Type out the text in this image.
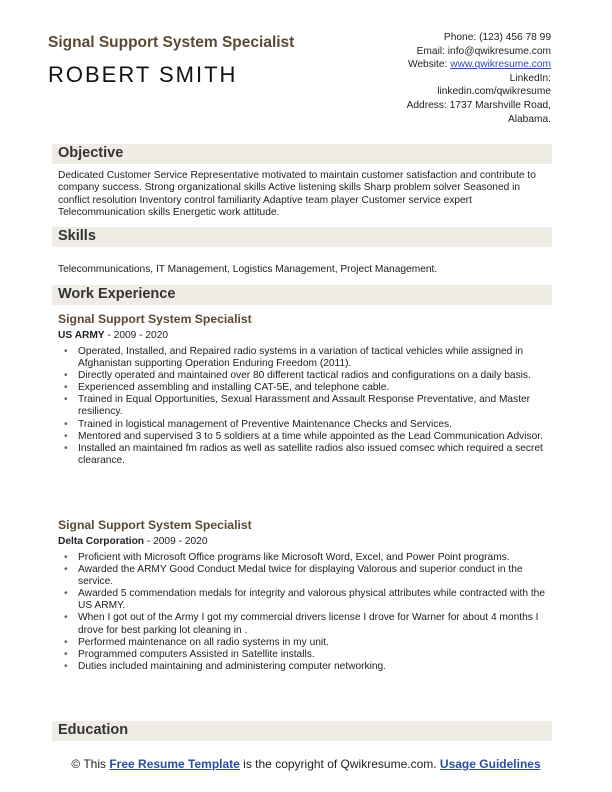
Signal Support System Specialist
ROBERT SMITH
Phone: (123) 456 78 99
Email: info@qwikresume.com
Website: www.qwikresume.com
LinkedIn:
linkedin.com/qwikresume
Address: 1737 Marshville Road,
Alabama.
Objective
Dedicated Customer Service Representative motivated to maintain customer satisfaction and contribute to company success. Strong organizational skills Active listening skills Sharp problem solver Seasoned in conflict resolution Inventory control familiarity Adaptive team player Customer service expert Telecommunication skills Energetic work attitude.
Skills
Telecommunications, IT Management, Logistics Management, Project Management.
Work Experience
Signal Support System Specialist
US ARMY - 2009 - 2020
• Operated, Installed, and Repaired radio systems in a variation of tactical vehicles while assigned in Afghanistan supporting Operation Enduring Freedom (2011).
• Directly operated and maintained over 80 different tactical radios and configurations on a daily basis.
• Experienced assembling and installing CAT-5E, and telephone cable.
• Trained in Equal Opportunities, Sexual Harassment and Assault Response Preventative, and Master resiliency.
• Trained in logistical management of Preventive Maintenance Checks and Services.
• Mentored and supervised 3 to 5 soldiers at a time while appointed as the Lead Communication Advisor.
• Installed an maintained fm radios as well as satellite radios also issued comsec which required a secret clearance.
Signal Support System Specialist
Delta Corporation - 2009 - 2020
• Proficient with Microsoft Office programs like Microsoft Word, Excel, and Power Point programs.
• Awarded the ARMY Good Conduct Medal twice for displaying Valorous and superior conduct in the service.
• Awarded 5 commendation medals for integrity and valorous physical attributes while contracted with the US ARMY.
• When I got out of the Army I got my commercial drivers license I drove for Warner for about 4 months I drove for best parking lot cleaning in .
• Performed maintenance on all radio systems in my unit.
• Programmed computers Assisted in Satellite installs.
• Duties included maintaining and administering computer networking.
Education
© This Free Resume Template is the copyright of Qwikresume.com. Usage Guidelines
